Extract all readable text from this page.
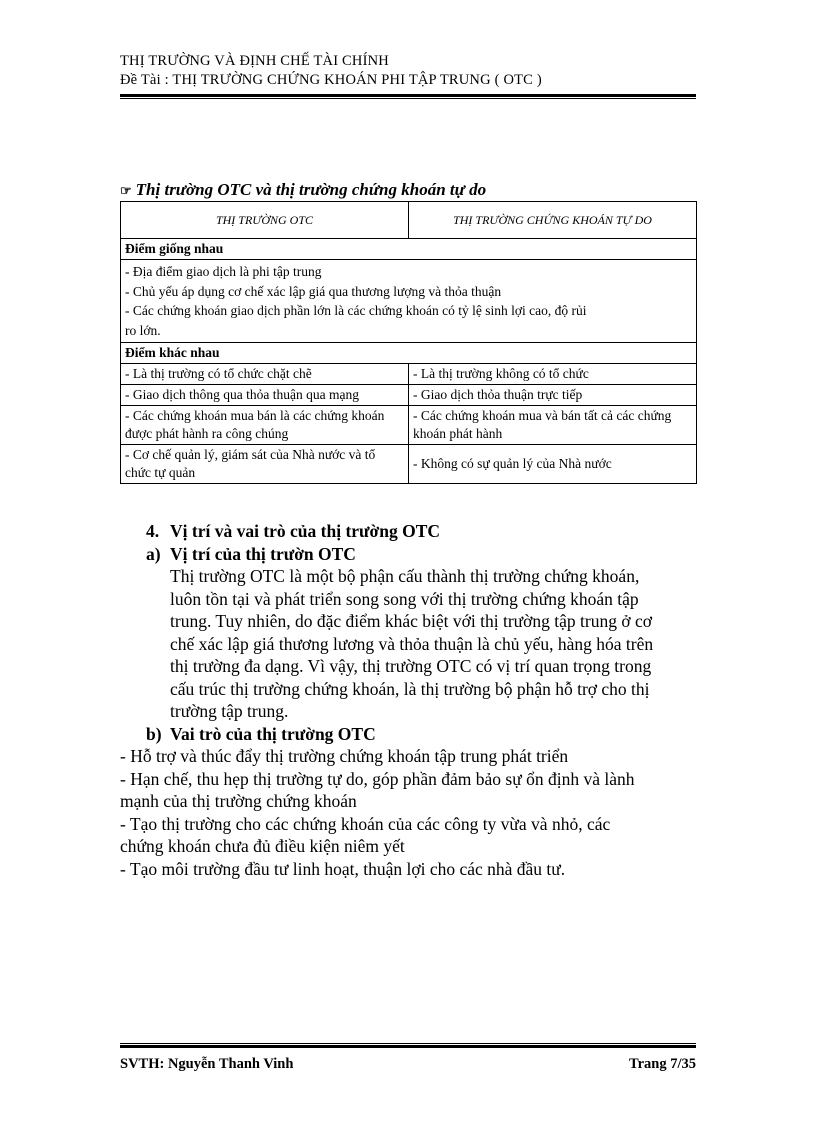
THỊ TRƯỜNG VÀ ĐỊNH CHẾ TÀI CHÍNH
Đề Tài : THỊ TRƯỜNG CHỨNG KHOÁN PHI TẬP TRUNG ( OTC )
☞ Thị trường OTC và thị trường chứng khoán tự do
THỊ TRƯỜNG OTC	THỊ TRƯỜNG CHỨNG KHOÁN TỰ DO
Điểm giống nhau	

- Địa điểm giao dịch là phi tập trung
- Chủ yếu áp dụng cơ chế xác lập giá qua thương lượng và thỏa thuận
- Các chứng khoán giao dịch phần lớn là các chứng khoán có tỷ lệ sinh lợi cao, độ rủi
ro lớn.	

Điểm khác nhau	
- Là thị trường có tổ chức chặt chẽ	- Là thị trường không có tổ chức
- Giao dịch thông qua thỏa thuận qua mạng	- Giao dịch thỏa thuận trực tiếp
- Các chứng khoán mua bán là các chứng khoán được phát hành ra công chúng	- Các chứng khoán mua và bán tất cả các chứng khoán phát hành
- Cơ chế quản lý, giám sát của Nhà nước và tổ chức tự quản	- Không có sự quản lý của Nhà nước
4. Vị trí và vai trò của thị trường OTC
a) Vị trí của thị trườn OTC
Thị trường OTC là một bộ phận cấu thành thị trường chứng khoán,
luôn tồn tại và phát triển song song với thị trường chứng khoán tập
trung. Tuy nhiên, do đặc điểm khác biệt với thị trường tập trung ở cơ
chế xác lập giá thương lương và thỏa thuận là chủ yếu, hàng hóa trên
thị trường đa dạng. Vì vậy, thị trường OTC có vị trí quan trọng trong
cấu trúc thị trường chứng khoán, là thị trường bộ phận hỗ trợ cho thị
trường tập trung.
b) Vai trò của thị trường OTC
- Hỗ trợ và thúc đẩy thị trường chứng khoán tập trung phát triển
- Hạn chế, thu hẹp thị trường tự do, góp phần đảm bảo sự ổn định và lành
mạnh của thị trường chứng khoán
- Tạo thị trường cho các chứng khoán của các công ty vừa và nhỏ, các
chứng khoán chưa đủ điều kiện niêm yết
- Tạo môi trường đầu tư linh hoạt, thuận lợi cho các nhà đầu tư.
SVTH: Nguyễn Thanh Vinh	Trang 7/35
